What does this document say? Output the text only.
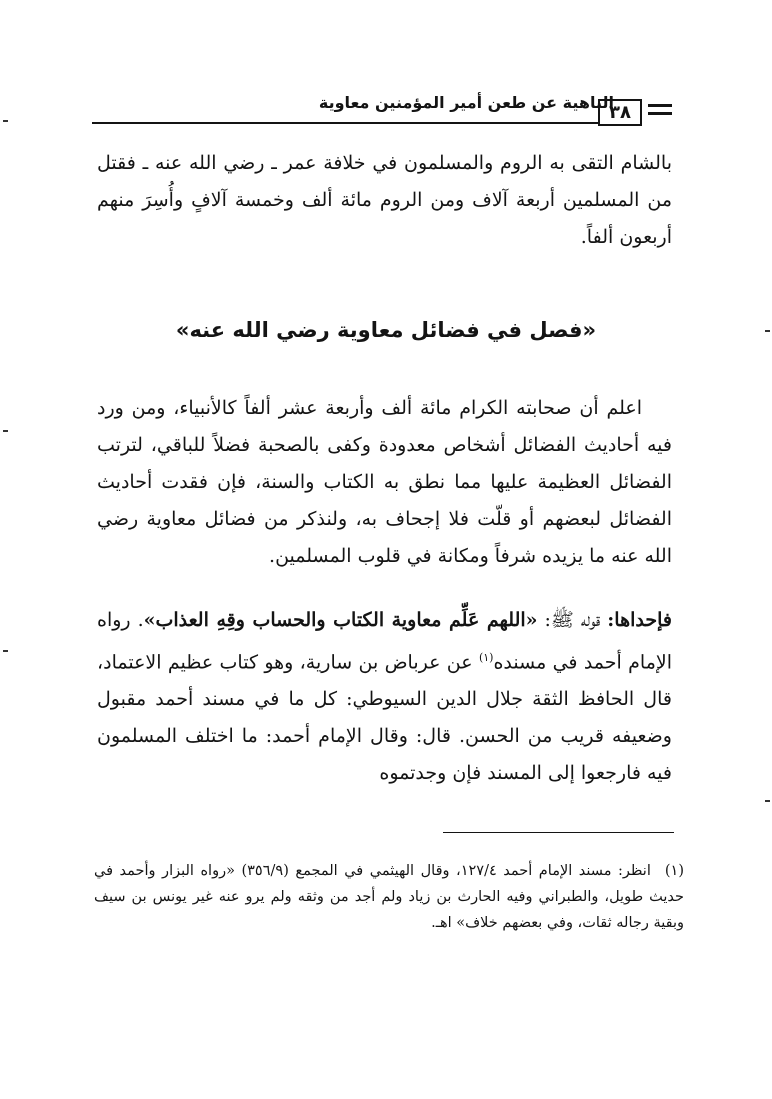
الناهية عن طعن أمير المؤمنين معاوية
٣٨

بالشام التقى به الروم والمسلمون في خلافة عمر ـ رضي الله عنه ـ فقتل من المسلمين أربعة آلاف ومن الروم مائة ألف وخمسة آلافٍ وأُسِرَ منهم أربعون ألفاً.

«فصل في فضائل معاوية رضي الله عنه»

اعلم أن صحابته الكرام مائة ألف وأربعة عشر ألفاً كالأنبياء، ومن ورد فيه أحاديث الفضائل أشخاص معدودة وكفى بالصحبة فضلاً للباقي، لترتب الفضائل العظيمة عليها مما نطق به الكتاب والسنة، فإن فقدت أحاديث الفضائل لبعضهم أو قلّت فلا إجحاف به، ولنذكر من فضائل معاوية رضي الله عنه ما يزيده شرفاً ومكانة في قلوب المسلمين.

فإحداها: قوله ﷺ: «اللهم عَلِّم معاوية الكتاب والحساب وقِهِ العذاب». رواه الإمام أحمد في مسنده$^{(١)}$ عن عرباض بن سارية، وهو كتاب عظيم الاعتماد، قال الحافظ الثقة جلال الدين السيوطي: كل ما في مسند أحمد مقبول وضعيفه قريب من الحسن. قال: وقال الإمام أحمد: ما اختلف المسلمون فيه فارجعوا إلى المسند فإن وجدتموه

(١)انظر: مسند الإمام أحمد ١٢٧/٤، وقال الهيثمي في المجمع (٣٥٦/٩) «رواه البزار وأحمد في حديث طويل، والطبراني وفيه الحارث بن زياد ولم أجد من وثقه ولم يرو عنه غير يونس بن سيف وبقية رجاله ثقات، وفي بعضهم خلاف» اهـ.
